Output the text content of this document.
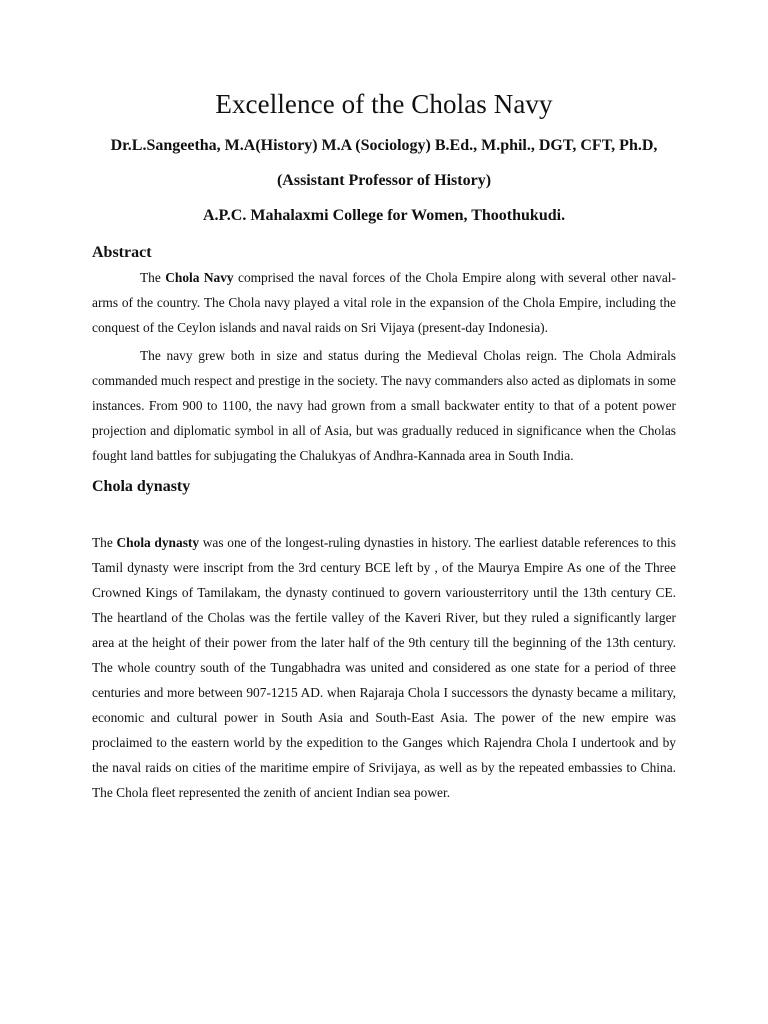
Excellence of the Cholas Navy

Dr.L.Sangeetha, M.A(History) M.A (Sociology) B.Ed., M.phil., DGT, CFT, Ph.D,

(Assistant Professor of History)

A.P.C. Mahalaxmi College for Women, Thoothukudi.

Abstract

The Chola Navy comprised the naval forces of the Chola Empire along with several other naval-arms of the country. The Chola navy played a vital role in the expansion of the Chola Empire, including the conquest of the Ceylon islands and naval raids on Sri Vijaya (present-day Indonesia).

The navy grew both in size and status during the Medieval Cholas reign. The Chola Admirals commanded much respect and prestige in the society. The navy commanders also acted as diplomats in some instances. From 900 to 1100, the navy had grown from a small backwater entity to that of a potent power projection and diplomatic symbol in all of Asia, but was gradually reduced in significance when the Cholas fought land battles for subjugating the Chalukyas of Andhra-Kannada area in South India.

Chola dynasty

The Chola dynasty was one of the longest-ruling dynasties in history. The earliest datable references to this Tamil dynasty were inscript from the 3rd century BCE left by , of the Maurya Empire As one of the Three Crowned Kings of Tamilakam, the dynasty continued to govern variousterritory until the 13th century CE. The heartland of the Cholas was the fertile valley of the Kaveri River, but they ruled a significantly larger area at the height of their power from the later half of the 9th century till the beginning of the 13th century. The whole country south of the Tungabhadra was united and considered as one state for a period of three centuries and more between 907-1215 AD. when Rajaraja Chola I successors the dynasty became a military, economic and cultural power in South Asia and South-East Asia. The power of the new empire was proclaimed to the eastern world by the expedition to the Ganges which Rajendra Chola I undertook and by the naval raids on cities of the maritime empire of Srivijaya, as well as by the repeated embassies to China. The Chola fleet represented the zenith of ancient Indian sea power.
